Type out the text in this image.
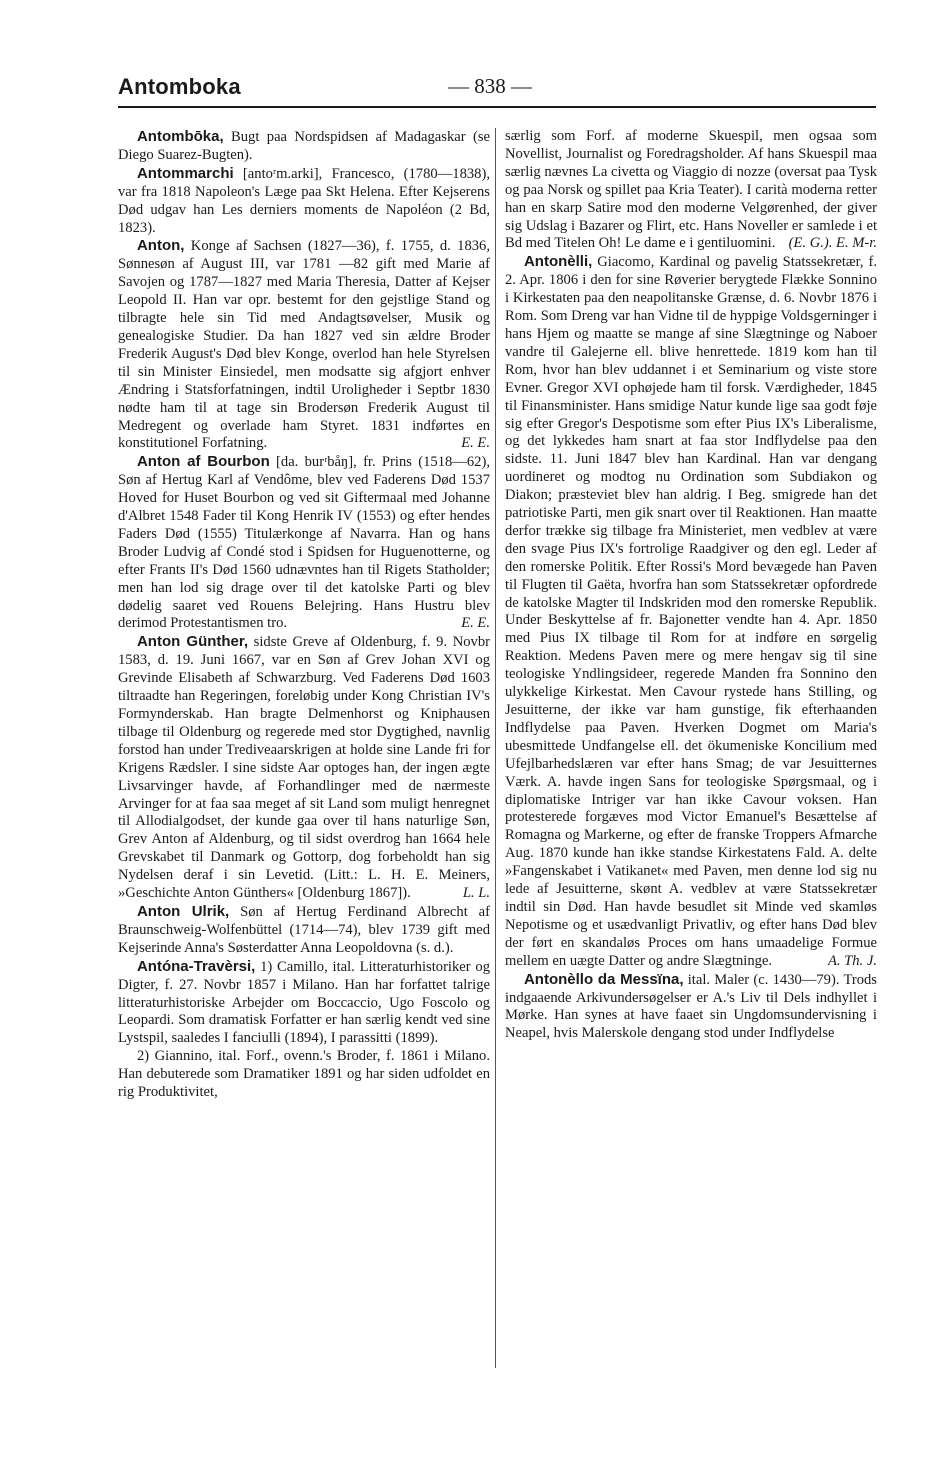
Antomboka	— 838 —

Antombōka, Bugt paa Nordspidsen af Madagaskar (se Diego Suarez-Bugten).

Antommarchi [antoʳm.arki], Francesco, (1780—1838), var fra 1818 Napoleon's Læge paa Skt Helena. Efter Kejserens Død udgav han Les derniers moments de Napoléon (2 Bd, 1823).

Anton, Konge af Sachsen (1827—36), f. 1755, d. 1836, Sønnesøn af August III, var 1781 —82 gift med Marie af Savojen og 1787—1827 med Maria Theresia, Datter af Kejser Leopold II. Han var opr. bestemt for den gejstlige Stand og tilbragte hele sin Tid med Andagtsøvelser, Musik og genealogiske Studier. Da han 1827 ved sin ældre Broder Frederik August's Død blev Konge, overlod han hele Styrelsen til sin Minister Einsiedel, men modsatte sig afgjort enhver Ændring i Statsforfatningen, indtil Uroligheder i Septbr 1830 nødte ham til at tage sin Brodersøn Frederik August til Medregent og overlade ham Styret. 1831 indførtes en konstitutionel Forfatning.	E. E.

Anton af Bourbon [da. burʳbåŋ], fr. Prins (1518—62), Søn af Hertug Karl af Vendôme, blev ved Faderens Død 1537 Hoved for Huset Bourbon og ved sit Giftermaal med Johanne d'Albret 1548 Fader til Kong Henrik IV (1553) og efter hendes Faders Død (1555) Titulærkonge af Navarra. Han og hans Broder Ludvig af Condé stod i Spidsen for Huguenotterne, og efter Frants II's Død 1560 udnævntes han til Rigets Statholder; men han lod sig drage over til det katolske Parti og blev dødelig saaret ved Rouens Belejring. Hans Hustru blev derimod Protestantismen tro.	E. E.

Anton Günther, sidste Greve af Oldenburg, f. 9. Novbr 1583, d. 19. Juni 1667, var en Søn af Grev Johan XVI og Grevinde Elisabeth af Schwarzburg. Ved Faderens Død 1603 tiltraadte han Regeringen, foreløbig under Kong Christian IV's Formynderskab. Han bragte Delmenhorst og Kniphausen tilbage til Oldenburg og regerede med stor Dygtighed, navnlig forstod han under Trediveaarskrigen at holde sine Lande fri for Krigens Rædsler. I sine sidste Aar optoges han, der ingen ægte Livsarvinger havde, af Forhandlinger med de nærmeste Arvinger for at faa saa meget af sit Land som muligt henregnet til Allodialgodset, der kunde gaa over til hans naturlige Søn, Grev Anton af Aldenburg, og til sidst overdrog han 1664 hele Grevskabet til Danmark og Gottorp, dog forbeholdt han sig Nydelsen deraf i sin Levetid. (Litt.: L. H. E. Meiners, »Geschichte Anton Günthers« [Oldenburg 1867]).	L. L.

Anton Ulrik, Søn af Hertug Ferdinand Albrecht af Braunschweig-Wolfenbüttel (1714—74), blev 1739 gift med Kejserinde Anna's Søsterdatter Anna Leopoldovna (s. d.).

Antóna-Travèrsi, 1) Camillo, ital. Litteraturhistoriker og Digter, f. 27. Novbr 1857 i Milano. Han har forfattet talrige litteraturhistoriske Arbejder om Boccaccio, Ugo Foscolo og Leopardi. Som dramatisk Forfatter er han særlig kendt ved sine Lystspil, saaledes I fanciulli (1894), I parassitti (1899).

2) Giannino, ital. Forf., ovenn.'s Broder, f. 1861 i Milano. Han debuterede som Dramatiker 1891 og har siden udfoldet en rig Produktivitet,

særlig som Forf. af moderne Skuespil, men ogsaa som Novellist, Journalist og Foredragsholder. Af hans Skuespil maa særlig nævnes La civetta og Viaggio di nozze (oversat paa Tysk og paa Norsk og spillet paa Kria Teater). I carità moderna retter han en skarp Satire mod den moderne Velgørenhed, der giver sig Udslag i Bazarer og Flirt, etc. Hans Noveller er samlede i et Bd med Titelen Oh! Le dame e i gentiluomini. (E. G.). E. M-r.

Antonèlli, Giacomo, Kardinal og pavelig Statssekretær, f. 2. Apr. 1806 i den for sine Røverier berygtede Flække Sonnino i Kirkestaten paa den neapolitanske Grænse, d. 6. Novbr 1876 i Rom. Som Dreng var han Vidne til de hyppige Voldsgerninger i hans Hjem og maatte se mange af sine Slægtninge og Naboer vandre til Galejerne ell. blive henrettede. 1819 kom han til Rom, hvor han blev uddannet i et Seminarium og viste store Evner. Gregor XVI ophøjede ham til forsk. Værdigheder, 1845 til Finansminister. Hans smidige Natur kunde lige saa godt føje sig efter Gregor's Despotisme som efter Pius IX's Liberalisme, og det lykkedes ham snart at faa stor Indflydelse paa den sidste. 11. Juni 1847 blev han Kardinal. Han var dengang uordineret og modtog nu Ordination som Subdiakon og Diakon; præsteviet blev han aldrig. I Beg. smigrede han det patriotiske Parti, men gik snart over til Reaktionen. Han maatte derfor trække sig tilbage fra Ministeriet, men vedblev at være den svage Pius IX's fortrolige Raadgiver og den egl. Leder af den romerske Politik. Efter Rossi's Mord bevægede han Paven til Flugten til Gaëta, hvorfra han som Statssekretær opfordrede de katolske Magter til Indskriden mod den romerske Republik. Under Beskyttelse af fr. Bajonetter vendte han 4. Apr. 1850 med Pius IX tilbage til Rom for at indføre en sørgelig Reaktion. Medens Paven mere og mere hengav sig til sine teologiske Yndlingsideer, regerede Manden fra Sonnino den ulykkelige Kirkestat. Men Cavour rystede hans Stilling, og Jesuitterne, der ikke var ham gunstige, fik efterhaanden Indflydelse paa Paven. Hverken Dogmet om Maria's ubesmittede Undfangelse ell. det ökumeniske Koncilium med Ufejlbarhedslæren var efter hans Smag; de var Jesuitternes Værk. A. havde ingen Sans for teologiske Spørgsmaal, og i diplomatiske Intriger var han ikke Cavour voksen. Han protesterede forgæves mod Victor Emanuel's Besættelse af Romagna og Markerne, og efter de franske Troppers Afmarche Aug. 1870 kunde han ikke standse Kirkestatens Fald. A. delte »Fangenskabet i Vatikanet« med Paven, men denne lod sig nu lede af Jesuitterne, skønt A. vedblev at være Statssekretær indtil sin Død. Han havde besudlet sit Minde ved skamløs Nepotisme og et usædvanligt Privatliv, og efter hans Død blev der ført en skandaløs Proces om hans umaadelige Formue mellem en uægte Datter og andre Slægtninge.	A. Th. J.

Antonèllo da Messïna, ital. Maler (c. 1430—79). Trods indgaaende Arkivundersøgelser er A.'s Liv til Dels indhyllet i Mørke. Han synes at have faaet sin Ungdomsundervisning i Neapel, hvis Malerskole dengang stod under Indflydelse
